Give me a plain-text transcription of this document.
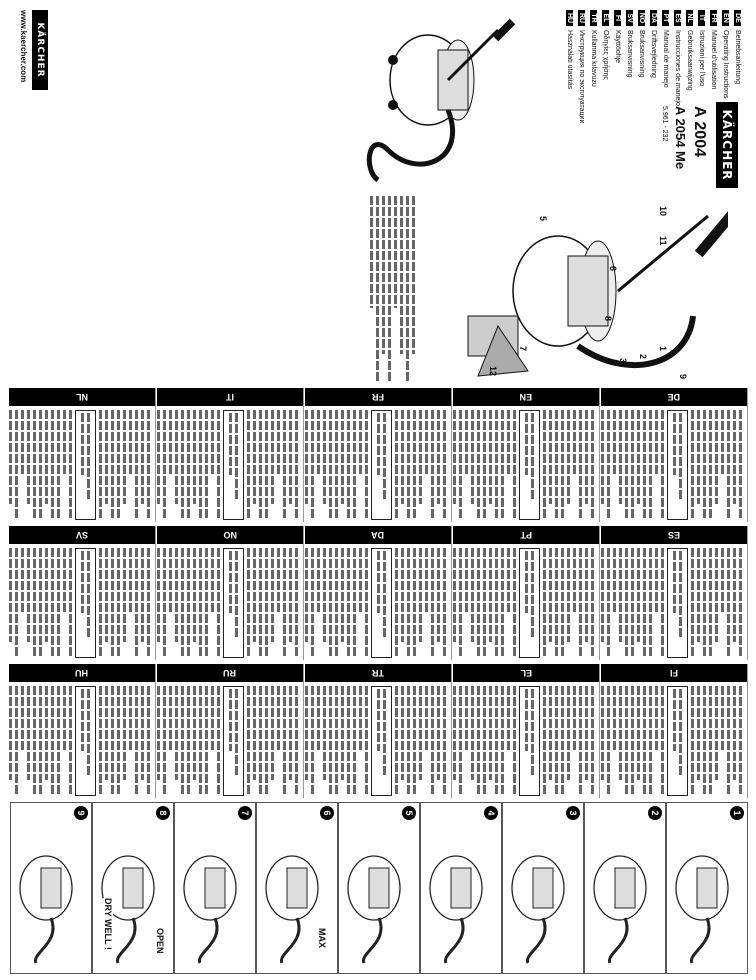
DE
Betriebsanleitung
EN
Operating Instructions
FR
Manuel d'utilisation
IT
Istruzioni per l'uso
NL
Gebruiksaanwijzing
ES
Instrucciones de manejo
PT
Manual de manejo
DA
Driftsvejledning
NO
Bruksanvisning
SV
Bruksanvisning
FI
Käyttöohje
EL
Οδηγίες χρήσης
TR
Kullanma kılavuzu
RU
Инструкция по эксплуатации
HU
Használati utasítás
KÄRCHER
A 2004
A 2054 Me
5.961 - 232
KÄRCHER
www.kaercher.com
1
2
3
4
5
6
7
8
9
10
11
12
DE
EN
FR
IT
NL
ES
PT
DA
NO
SV
FI
EL
TR
RU
HU
1
2
3
4
5
6
MAX
7
8
OPEN
DRY WELL !
9
